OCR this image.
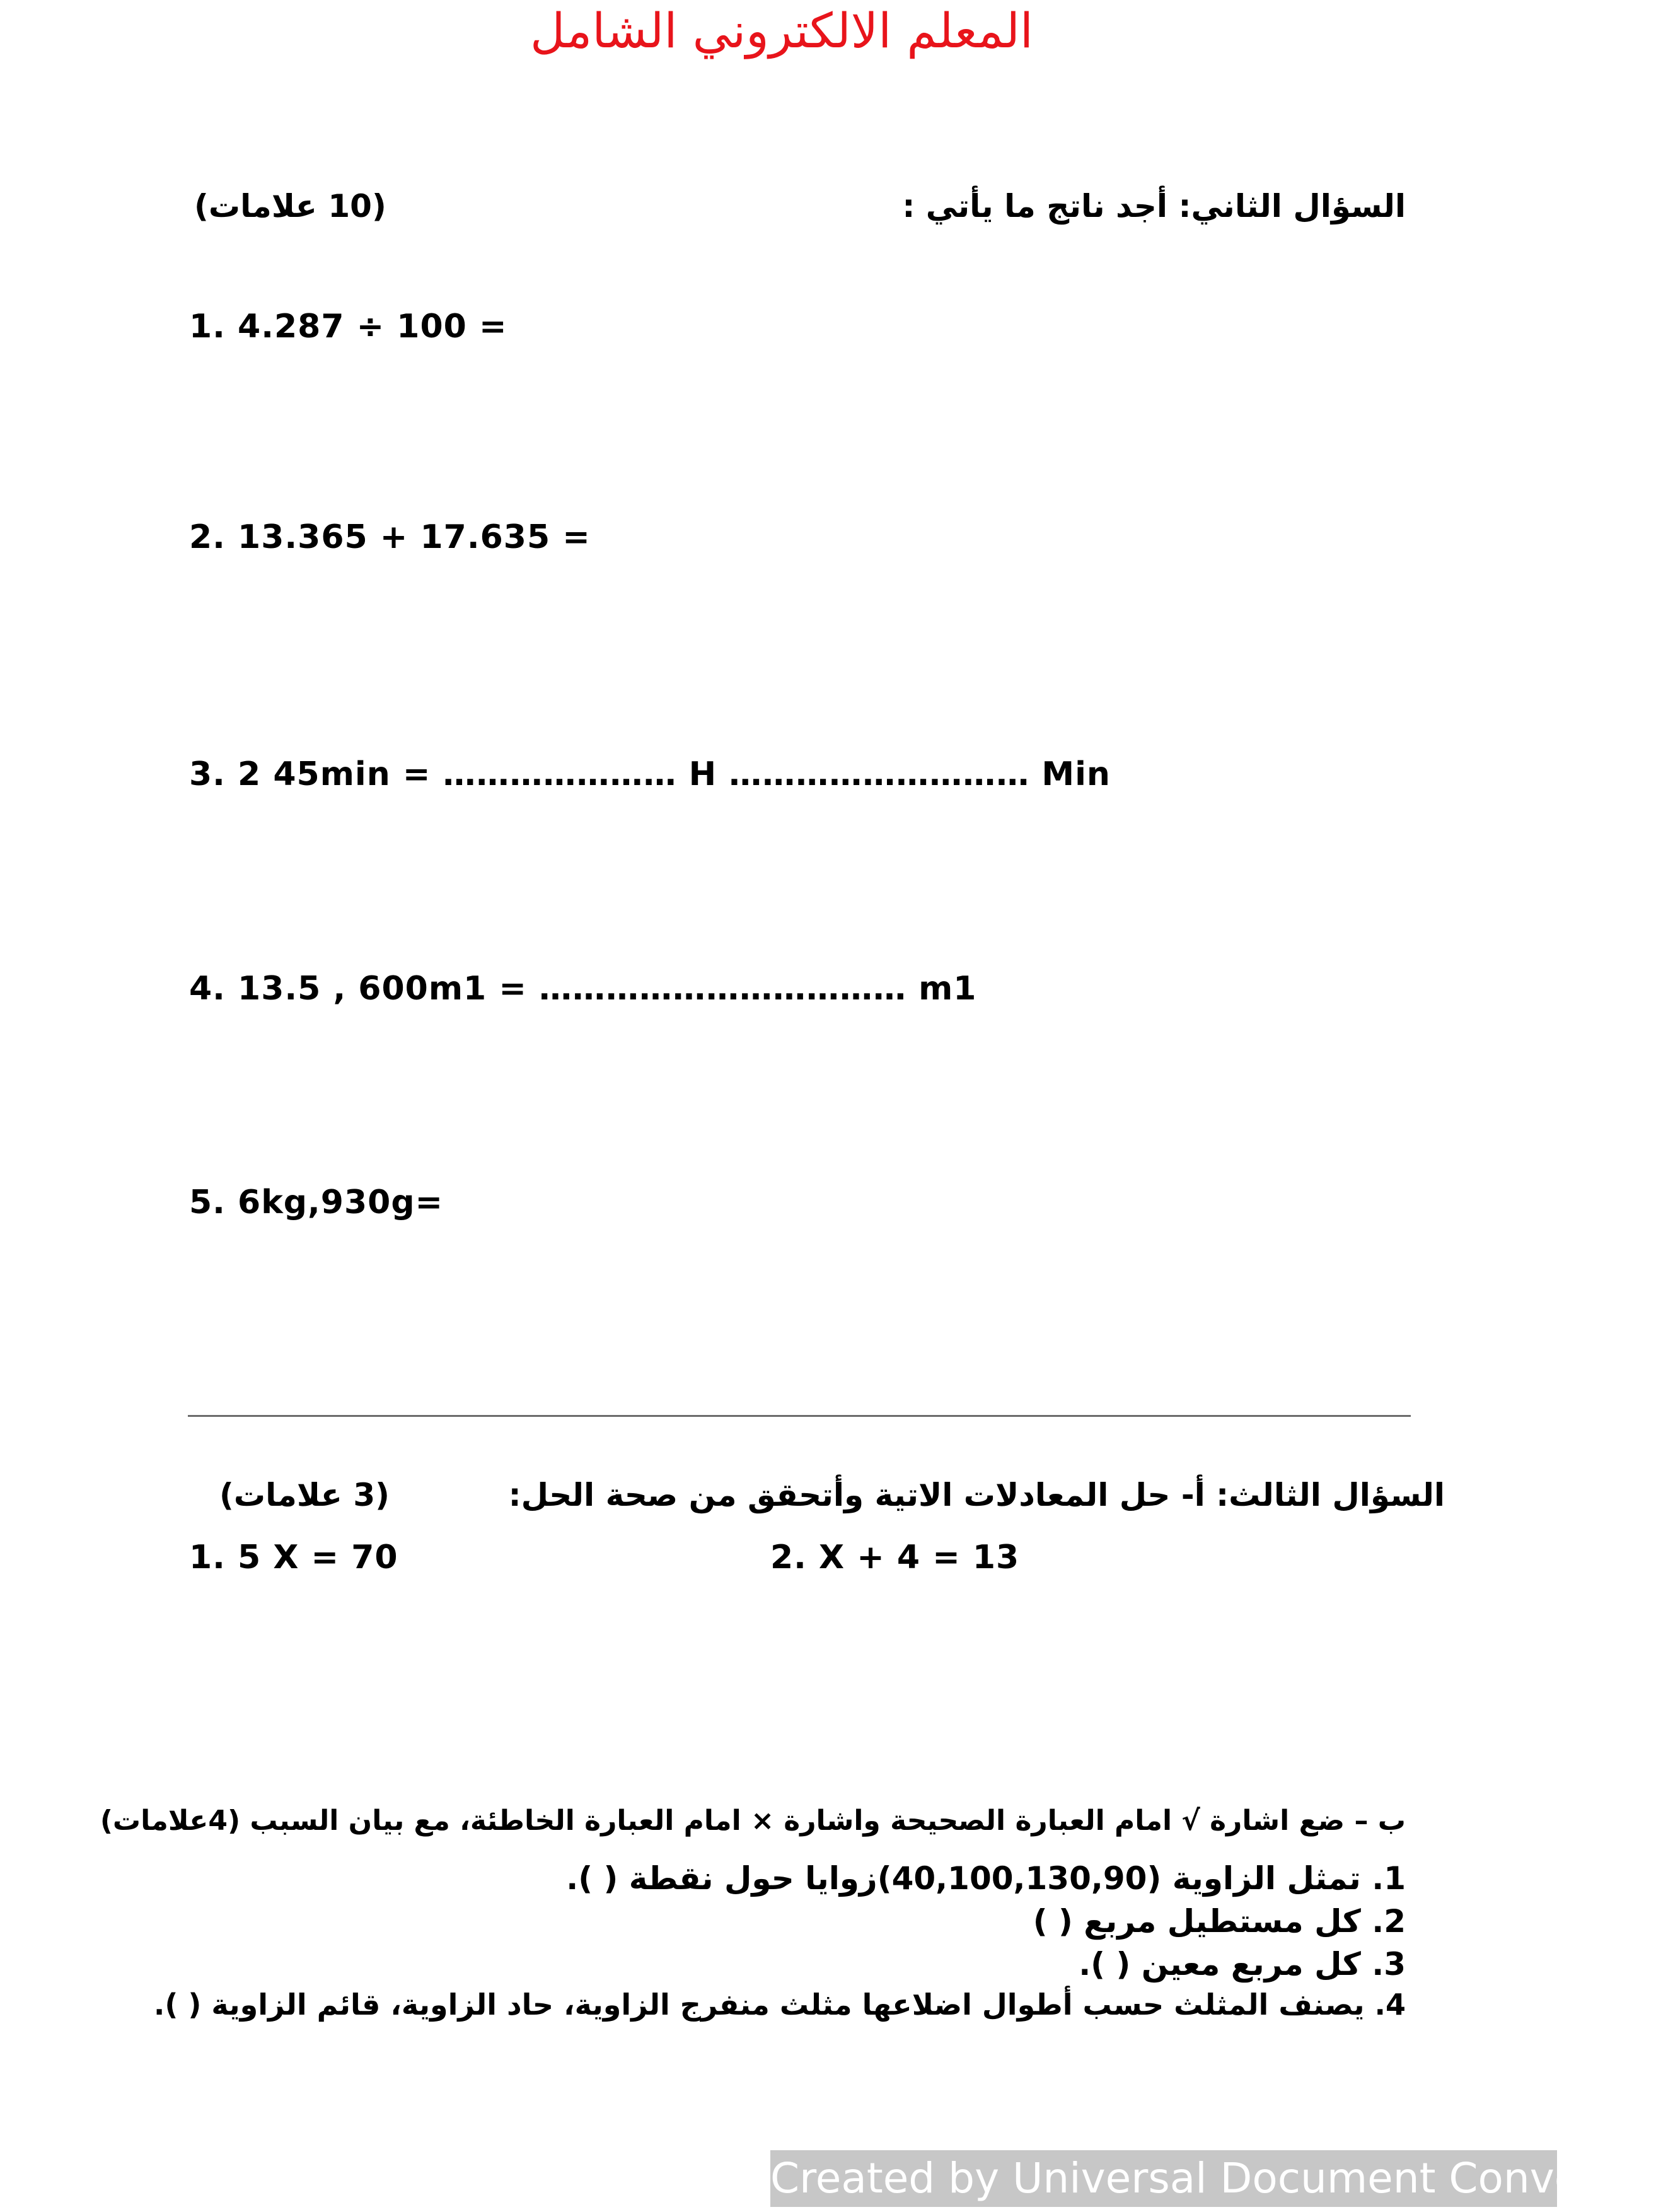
المعلم الالكتروني الشامل
السؤال الثاني: أجد ناتج ما يأتي :
(10 علامات)
1. 4.287 ÷ 100 =
2. 13.365 + 17.635 =
3. 2 45min = ………………… H ……………………… Min
4. 13.5 , 600m1 = …………………………… m1
5. 6kg,930g=
السؤال الثالث: أ- حل المعادلات الاتية وأتحقق من صحة الحل:
(3 علامات)
1. 5 X = 70	2. X + 4 = 13
ب – ضع اشارة √ امام العبارة الصحيحة واشارة × امام العبارة الخاطئة، مع بيان السبب (4علامات)
1. تمثل الزاوية (40,100,130,90)زوايا حول نقطة ( ).
2. كل مستطيل مربع ( )
3. كل مربع معين ( ).
4. يصنف المثلث حسب أطوال اضلاعها مثلث منفرج الزاوية، حاد الزاوية، قائم الزاوية ( ).
Created by Universal Document Converter
